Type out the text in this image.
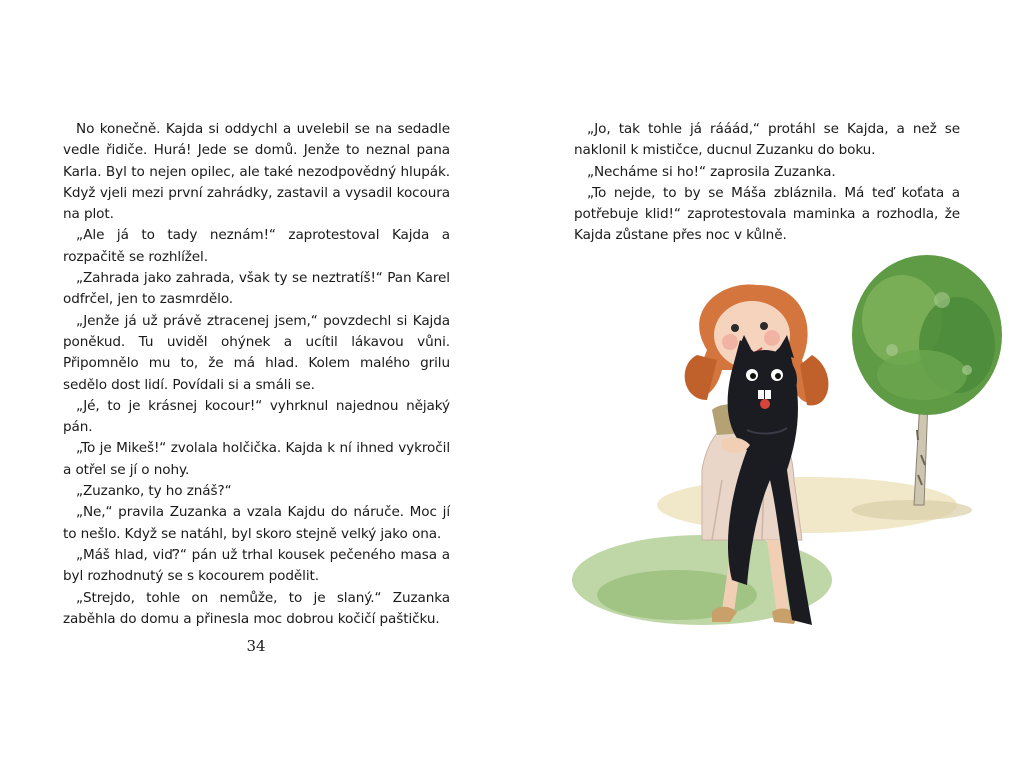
No konečně. Kajda si oddychl a uvelebil se na sedadle vedle řidiče. Hurá! Jede se domů. Jenže to neznal pana Karla. Byl to nejen opilec, ale také nezodpovědný hlupák. Když vjeli mezi první zahrádky, zastavil a vysadil kocoura na plot.

„Ale já to tady neznám!“ zaprotestoval Kajda a rozpačitě se rozhlížel.

„Zahrada jako zahrada, však ty se neztratíš!“ Pan Karel odfrčel, jen to zasmrdělo.

„Jenže já už právě ztracenej jsem,“ povzdechl si Kajda poněkud. Tu uviděl ohýnek a ucítil lákavou vůni. Připomnělo mu to, že má hlad. Kolem malého grilu sedělo dost lidí. Povídali si a smáli se.

„Jé, to je krásnej kocour!“ vyhrknul najednou nějaký pán.

„To je Mikeš!“ zvolala holčička. Kajda k ní ihned vykročil a otřel se jí o nohy.

„Zuzanko, ty ho znáš?“

„Ne,“ pravila Zuzanka a vzala Kajdu do náruče. Moc jí to nešlo. Když se natáhl, byl skoro stejně velký jako ona.

„Máš hlad, viď?“ pán už trhal kousek pečeného masa a byl rozhodnutý se s kocourem podělit.

„Strejdo, tohle on nemůže, to je slaný.“ Zuzanka zaběhla do domu a přinesla moc dobrou kočičí paštičku.

34

„Jo, tak tohle já rááád,“ protáhl se Kajda, a než se naklonil k mističce, ducnul Zuzanku do boku.

„Necháme si ho!“ zaprosila Zuzanka.

„To nejde, to by se Máša zbláznila. Má teď koťata a potřebuje klid!“ zaprotestovala maminka a rozhodla, že Kajda zůstane přes noc v kůlně.
